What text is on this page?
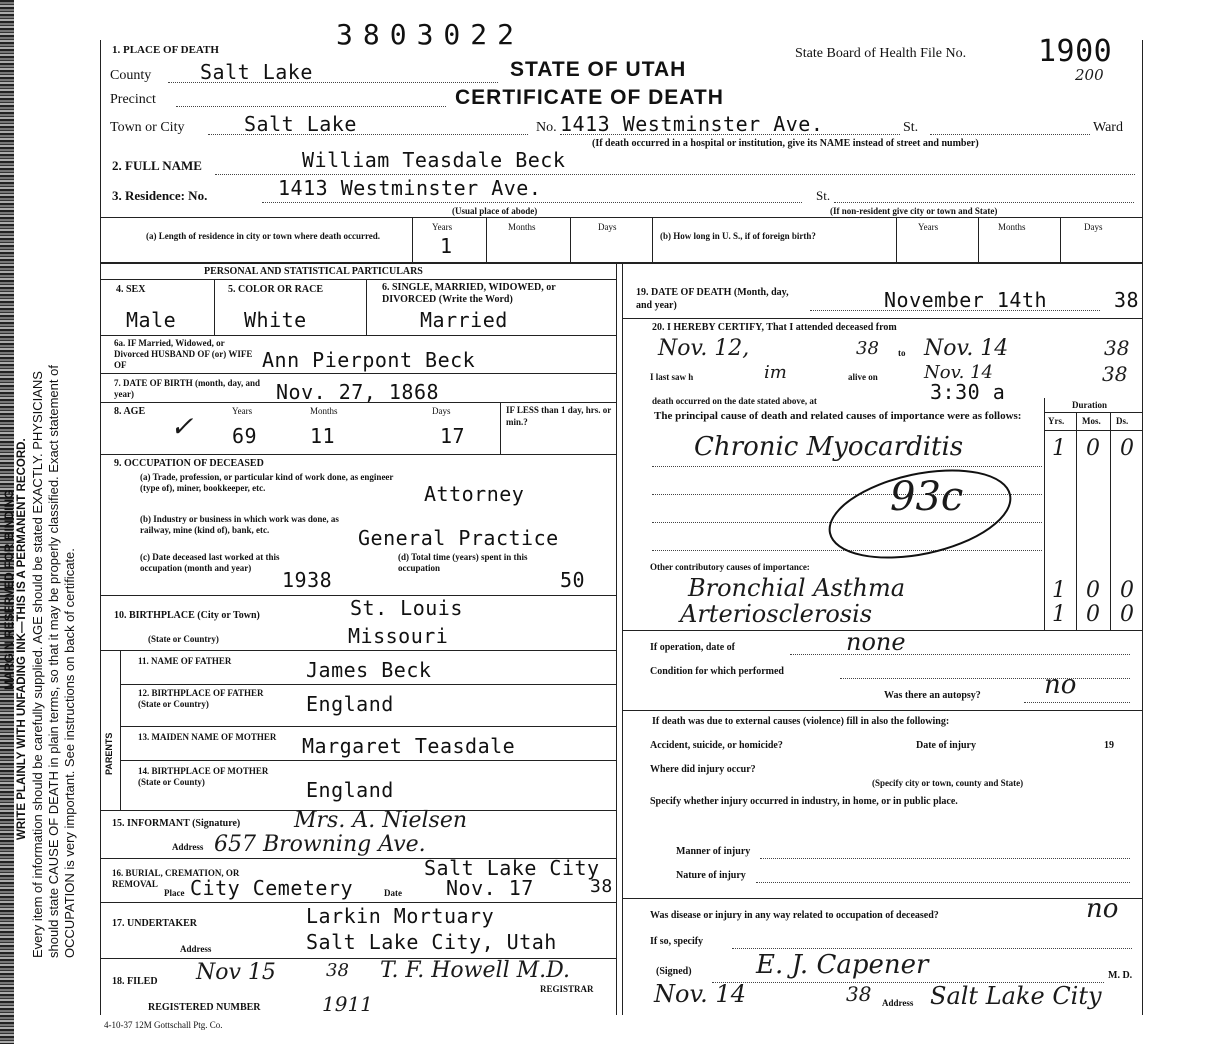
MARGIN RESERVED FOR BINDING WRITE PLAINLY WITH UNFADING INK—THIS IS A PERMANENT RECORD. Every item of information should be carefully supplied. AGE should be stated EXACTLY. PHYSICIANS should state CAUSE OF DEATH in plain terms, so that it may be properly classified. Exact statement of OCCUPATION is very important. See instructions on back of certificate.
3803022
State Board of Health File No. 1900
200
STATE OF UTAH
CERTIFICATE OF DEATH
1. PLACE OF DEATH
County Salt Lake
Precinct
Town or City	Salt Lake	No. 1413 Westminster Ave.	St.	Ward
(If death occurred in a hospital or institution, give its NAME instead of street and number)
2. FULL NAME	William Teasdale Beck
3. Residence: No.	1413 Westminster Ave.	St.
(Usual place of abode)	(If non-resident give city or town and State)
(a) Length of residence in city or town where death occurred.
Years	Months	Days
1	(b) How long in U. S., if of foreign birth?
Years	Months	Days
PERSONAL AND STATISTICAL PARTICULARS
4. SEX
Male
5. COLOR OR RACE
White
6. SINGLE, MARRIED, WIDOWED, or DIVORCED (Write the Word)
Married
6a. IF Married, Widowed, or Divorced HUSBAND OF (or) WIFE OF	Ann Pierpont Beck
7. DATE OF BIRTH (month, day, and year)	Nov. 27, 1868
8. AGE	Years	Months	Days
✓ 69	11	17
IF LESS than 1 day, hrs. or min.?
9. OCCUPATION OF DECEASED
(a) Trade, profession, or particular kind of work done, as engineer (type of), miner, bookkeeper, etc.	Attorney
(b) Industry or business in which work was done, as railway, mine (kind of), bank, etc.	General Practice
(c) Date deceased last worked at this occupation (month and year)	1938
(d) Total time (years) spent in this occupation	50
10. BIRTHPLACE (City or Town)	St. Louis
(State or Country)	Missouri
PARENTS
11. NAME OF FATHER	James Beck
12. BIRTHPLACE OF FATHER (State or Country)	England
13. MAIDEN NAME OF MOTHER Margaret Teasdale
14. BIRTHPLACE OF MOTHER (State or County)	England
15. INFORMANT (Signature) Mrs. A. Nielsen
Address 657 Browning Ave.
16. BURIAL, CREMATION, OR REMOVAL
Salt Lake City
Place City Cemetery	Date Nov. 17	38
17. UNDERTAKER	Larkin Mortuary
Address	Salt Lake City, Utah
18. FILED Nov 15	38 T. F. Howell M.D.
REGISTRAR
REGISTERED NUMBER	1911
4-10-37 12M Gottschall Ptg. Co.
19. DATE OF DEATH (Month, day, and year)	November 14th	38
20. I HEREBY CERTIFY, That I attended deceased from
Nov. 12,	38 to Nov. 14	38
I last saw h	im	alive on	Nov. 14	38
death occurred on the date stated above, at	3:30 a
The principal cause of death and related causes of importance were as follows:
Duration
Yrs. Mos. Ds.
Chronic Myocarditis	1 0 0
93c
Other contributory causes of importance:
Bronchial Asthma	1 0 0
Arteriosclerosis	1 0 0
If operation, date of	none
Condition for which performed
Was there an autopsy? no
If death was due to external causes (violence) fill in also the following:
Accident, suicide, or homicide?	Date of injury	19
Where did injury occur?
(Specify city or town, county and State)
Specify whether injury occurred in industry, in home, or in public place.
Manner of injury
Nature of injury
Was disease or injury in any way related to occupation of deceased?	no
If so, specify
(Signed) E. J. Capener	M. D.
Nov. 14	38 Address Salt Lake City
